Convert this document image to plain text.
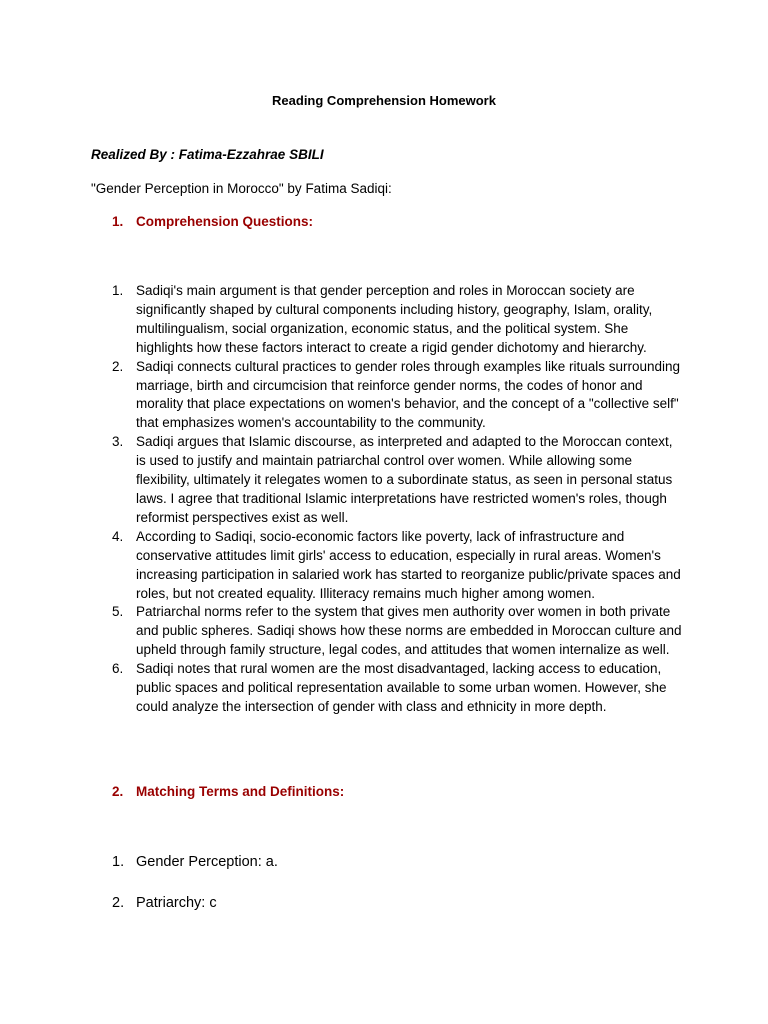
Reading Comprehension Homework
Realized By : Fatima-Ezzahrae SBILI
"Gender Perception in Morocco" by Fatima Sadiqi:
1. Comprehension Questions:
1. Sadiqi's main argument is that gender perception and roles in Moroccan society are significantly shaped by cultural components including history, geography, Islam, orality, multilingualism, social organization, economic status, and the political system. She highlights how these factors interact to create a rigid gender dichotomy and hierarchy.
2. Sadiqi connects cultural practices to gender roles through examples like rituals surrounding marriage, birth and circumcision that reinforce gender norms, the codes of honor and morality that place expectations on women's behavior, and the concept of a "collective self" that emphasizes women's accountability to the community.
3. Sadiqi argues that Islamic discourse, as interpreted and adapted to the Moroccan context, is used to justify and maintain patriarchal control over women. While allowing some flexibility, ultimately it relegates women to a subordinate status, as seen in personal status laws. I agree that traditional Islamic interpretations have restricted women's roles, though reformist perspectives exist as well.
4. According to Sadiqi, socio-economic factors like poverty, lack of infrastructure and conservative attitudes limit girls' access to education, especially in rural areas. Women's increasing participation in salaried work has started to reorganize public/private spaces and roles, but not created equality. Illiteracy remains much higher among women.
5. Patriarchal norms refer to the system that gives men authority over women in both private and public spheres. Sadiqi shows how these norms are embedded in Moroccan culture and upheld through family structure, legal codes, and attitudes that women internalize as well.
6. Sadiqi notes that rural women are the most disadvantaged, lacking access to education, public spaces and political representation available to some urban women. However, she could analyze the intersection of gender with class and ethnicity in more depth.
2. Matching Terms and Definitions:
1. Gender Perception: a.
2. Patriarchy: c
